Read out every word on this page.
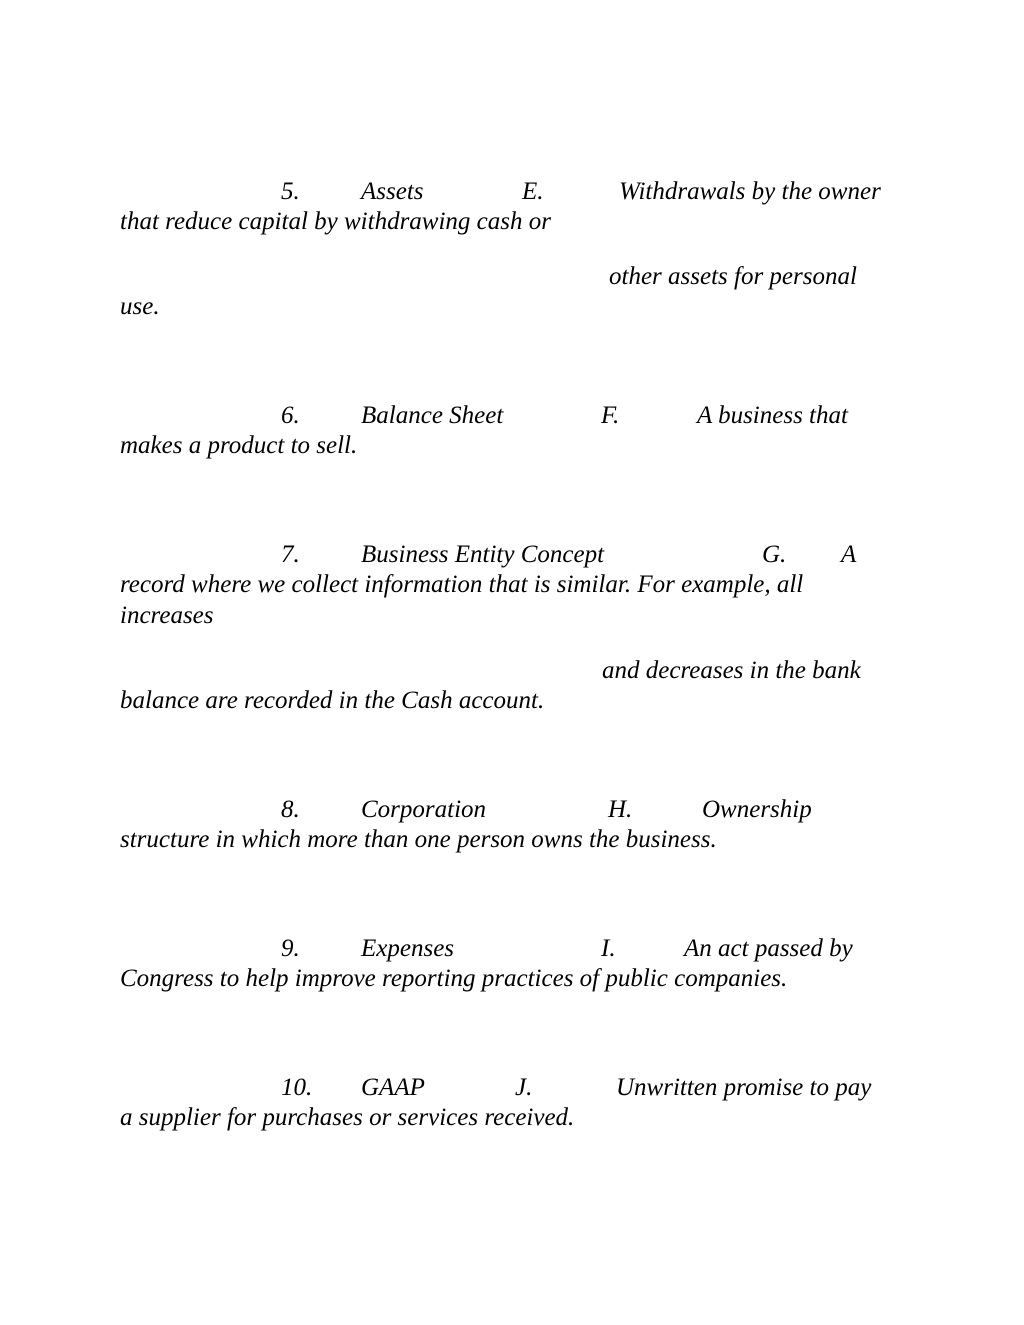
5. Assets	E.	Withdrawals by the owner

that reduce capital by withdrawing cash or

other assets for personal

use.

6. Balance Sheet	F.	A business that

makes a product to sell.

7. Business Entity Concept	G. A

record where we collect information that is similar. For example, all

increases

and decreases in the bank

balance are recorded in the Cash account.

8. Corporation	H.	Ownership

structure in which more than one person owns the business.

9. Expenses	I.	An act passed by

Congress to help improve reporting practices of public companies.

10. GAAP	J.	Unwritten promise to pay

a supplier for purchases or services received.
